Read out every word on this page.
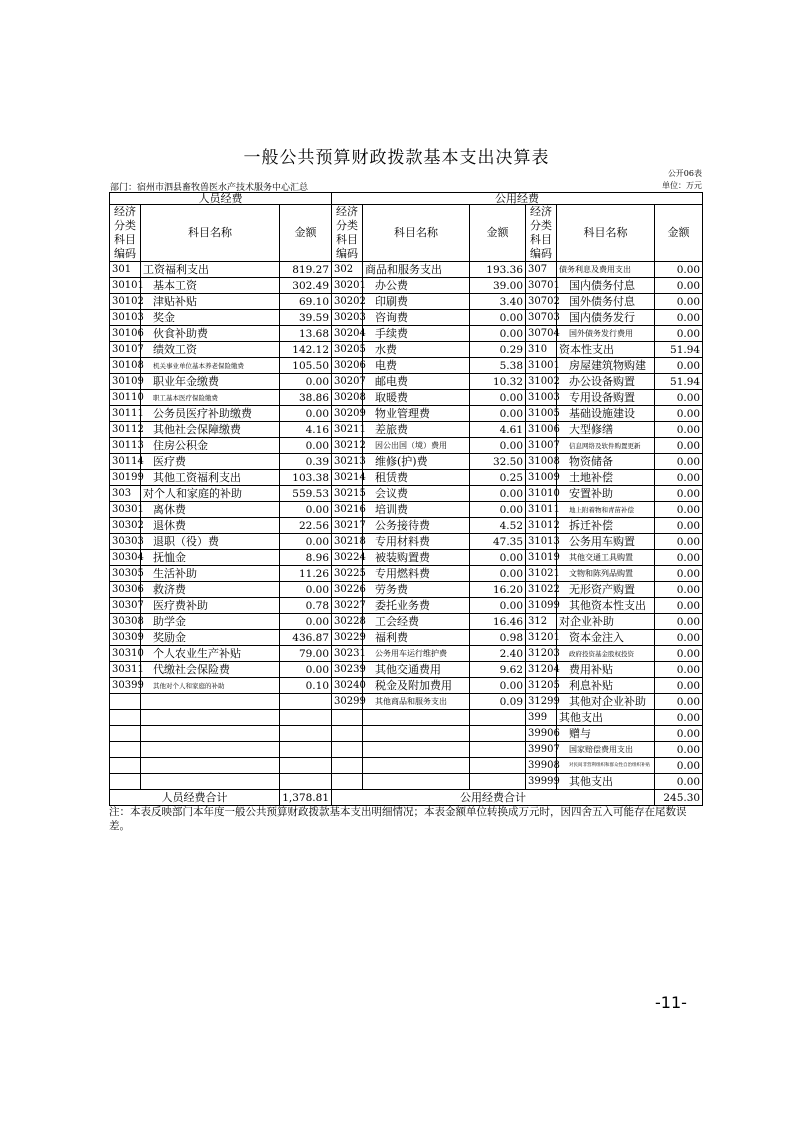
一般公共预算财政拨款基本支出决算表
公开06表
部门：宿州市泗县畜牧兽医水产技术服务中心汇总	单位：万元
人员经费			公用经费					
经济分类科目编码	科目名称	金额	经济分类科目编码	科目名称	金额	经济分类科目编码	科目名称	金额
301	工资福利支出	819.27	302	商品和服务支出	193.36	307	债务利息及费用支出	0.00
30101	基本工资	302.49	30201	办公费	39.00	30701	国内债务付息	0.00
30102	津贴补贴	69.10	30202	印刷费	3.40	30702	国外债务付息	0.00
30103	奖金	39.59	30203	咨询费	0.00	30703	国内债务发行	0.00
30106	伙食补助费	13.68	30204	手续费	0.00	30704	国外债务发行费用	0.00
30107	绩效工资	142.12	30205	水费	0.29	310	资本性支出	51.94
30108	机关事业单位基本养老保险缴费	105.50	30206	电费	5.38	31001	房屋建筑物购建	0.00
30109	职业年金缴费	0.00	30207	邮电费	10.32	31002	办公设备购置	51.94
30110	职工基本医疗保险缴费	38.86	30208	取暖费	0.00	31003	专用设备购置	0.00
30111	公务员医疗补助缴费	0.00	30209	物业管理费	0.00	31005	基础设施建设	0.00
30112	其他社会保障缴费	4.16	30211	差旅费	4.61	31006	大型修缮	0.00
30113	住房公积金	0.00	30212	因公出国（境）费用	0.00	31007	信息网络及软件购置更新	0.00
30114	医疗费	0.39	30213	维修(护)费	32.50	31008	物资储备	0.00
30199	其他工资福利支出	103.38	30214	租赁费	0.25	31009	土地补偿	0.00
303	对个人和家庭的补助	559.53	30215	会议费	0.00	31010	安置补助	0.00
30301	离休费	0.00	30216	培训费	0.00	31011	地上附着物和青苗补偿	0.00
30302	退休费	22.56	30217	公务接待费	4.52	31012	拆迁补偿	0.00
30303	退职（役）费	0.00	30218	专用材料费	47.35	31013	公务用车购置	0.00
30304	抚恤金	8.96	30224	被装购置费	0.00	31019	其他交通工具购置	0.00
30305	生活补助	11.26	30225	专用燃料费	0.00	31021	文物和陈列品购置	0.00
30306	救济费	0.00	30226	劳务费	16.20	31022	无形资产购置	0.00
30307	医疗费补助	0.78	30227	委托业务费	0.00	31099	其他资本性支出	0.00
30308	助学金	0.00	30228	工会经费	16.46	312	对企业补助	0.00
30309	奖励金	436.87	30229	福利费	0.98	31201	资本金注入	0.00
30310	个人农业生产补贴	79.00	30231	公务用车运行维护费	2.40	31203	政府投资基金股权投资	0.00
30311	代缴社会保险费	0.00	30239	其他交通费用	9.62	31204	费用补贴	0.00
30399	其他对个人和家庭的补助	0.10	30240	税金及附加费用	0.00	31205	利息补贴	0.00
			30299	其他商品和服务支出	0.09	31299	其他对企业补助	0.00
						399	其他支出	0.00
						39906	赠与	0.00
						39907	国家赔偿费用支出	0.00
						39908	对民间非营利组织和群众性自治组织补贴	0.00
						39999	其他支出	0.00
人员经费合计		1,378.81	公用经费合计					245.30
注：本表反映部门本年度一般公共预算财政拨款基本支出明细情况；本表金额单位转换成万元时，因四舍五入可能存在尾数误差。
-11-
